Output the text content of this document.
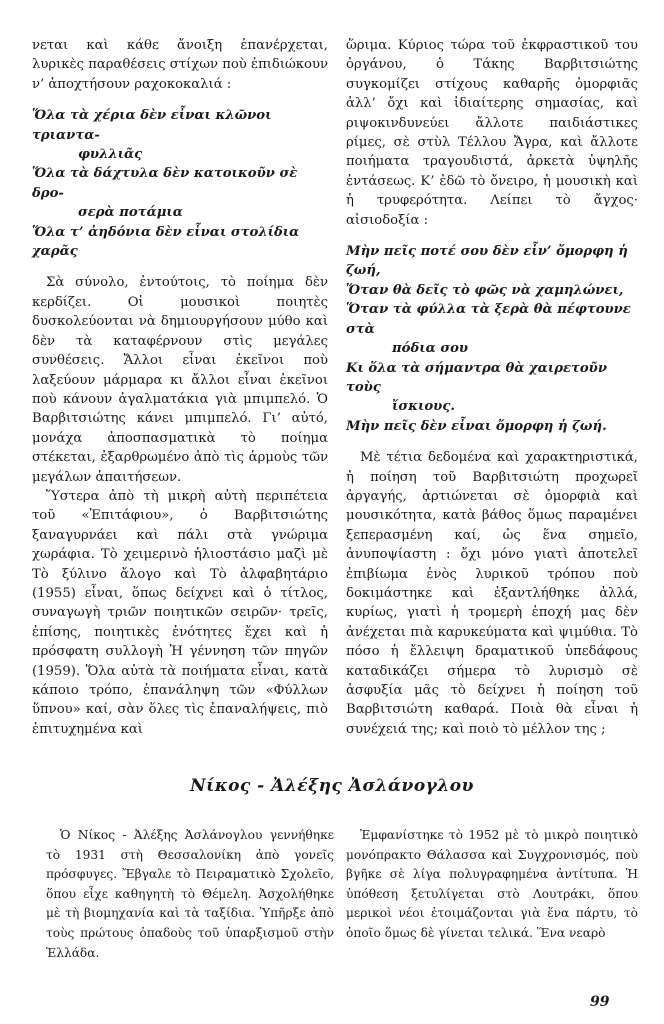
νεται καὶ κάθε ἄνοιξη ἐπανέρχεται, λυρικὲς παραθέσεις στίχων ποὺ ἐπιδιώκουν ν’ ἀποχτήσουν ραχοκοκαλιά :

Ὅλα τὰ χέρια δὲν εἶναι κλῶνοι τριαντα-
φυλλιᾶς

Ὅλα τὰ δάχτυλα δὲν κατοικοῦν σὲ δρο-
σερὰ ποτάμια

Ὅλα τ’ ἀηδόνια δὲν εἶναι στολίδια χαρᾶς

Σὰ σύνολο, ἐντούτοις, τὸ ποίημα δὲν κερδίζει. Οἱ μουσικοὶ ποιητὲς δυσκολεύονται νὰ δημιουργήσουν μύθο καὶ δὲν τὰ καταφέρνουν στὶς μεγάλες συνθέσεις. Ἄλλοι εἶναι ἐκεῖνοι ποὺ λαξεύουν μάρμαρα κι ἄλλοι εἶναι ἐκεῖνοι ποὺ κάνουν ἀγαλματάκια γιὰ μπιμπελό. Ὁ Βαρβιτσιώτης κάνει μπιμπελό. Γι’ αὐτό, μονάχα ἀποσπασματικὰ τὸ ποίημα στέκεται, ἐξαρθρωμένο ἀπὸ τὶς ἁρμοὺς τῶν μεγάλων ἀπαιτήσεων.

Ὕστερα ἀπὸ τὴ μικρὴ αὐτὴ περιπέτεια τοῦ «Ἐπιτάφιου», ὁ Βαρβιτσιώτης ξαναγυρνάει καὶ πάλι στὰ γνώριμα χωράφια. Τὸ χειμερινὸ ἡλιοστάσιο μαζὶ μὲ Τὸ ξύλινο ἄλογο καὶ Τὸ ἀλφαβητάριο (1955) εἶναι, ὅπως δείχνει καὶ ὁ τίτλος, συναγωγὴ τριῶν ποιητικῶν σειρῶν· τρεῖς, ἐπίσης, ποιητικὲς ἑνότητες ἔχει καὶ ἡ πρόσφατη συλλογὴ Ἡ γέννηση τῶν πηγῶν (1959). Ὅλα αὐτὰ τὰ ποιήματα εἶναι, κατὰ κάποιο τρόπο, ἐπανάληψη τῶν «Φύλλων ὕπνου» καί, σὰν ὅλες τὶς ἐπαναλήψεις, πιὸ ἐπιτυχημένα καὶ

ὥριμα. Κύριος τώρα τοῦ ἐκφραστικοῦ του ὀργάνου, ὁ Τάκης Βαρβιτσιώτης συγκομίζει στίχους καθαρῆς ὀμορφιᾶς ἀλλ’ ὄχι καὶ ἰδιαίτερης σημασίας, καὶ ριψοκινδυνεύει ἄλλοτε παιδιάστικες ρίμες, σὲ στὺλ Τέλλου Ἄγρα, καὶ ἄλλοτε ποιήματα τραγουδιστά, ἀρκετὰ ὑψηλῆς ἐντάσεως. Κ’ ἐδῶ τὸ ὄνειρο, ἡ μουσικὴ καὶ ἡ τρυφερότητα. Λείπει τὸ ἄγχος· αἰσιοδοξία :

Μὴν πεῖς ποτέ σου δὲν εἶν’ ὄμορφη ἡ ζωή,

Ὅταν θὰ δεῖς τὸ φῶς νὰ χαμηλώνει,

Ὅταν τὰ φύλλα τὰ ξερὰ θὰ πέφτουνε στὰ
πόδια σου

Κι ὅλα τὰ σήμαντρα θὰ χαιρετοῦν τοὺς
ἴσκιους.

Μὴν πεῖς δὲν εἶναι ὄμορφη ἡ ζωή.

Μὲ τέτια δεδομένα καὶ χαρακτηριστικά, ἡ ποίηση τοῦ Βαρβιτσιώτη προχωρεῖ ἀργαγής, ἀρτιώνεται σὲ ὀμορφιὰ καὶ μουσικότητα, κατὰ βάθος ὅμως παραμένει ξεπερασμένη καί, ὡς ἕνα σημεῖο, ἀνυποψίαστη : ὄχι μόνο γιατὶ ἀποτελεῖ ἐπιβίωμα ἑνὸς λυρικοῦ τρόπου ποὺ δοκιμάστηκε καὶ ἐξαντλήθηκε ἀλλά, κυρίως, γιατὶ ἡ τρομερὴ ἐποχή μας δὲν ἀνέχεται πιὰ καρυκεύματα καὶ ψιμύθια. Τὸ πόσο ἡ ἔλλειψη δραματικοῦ ὑπεδάφους καταδικάζει σήμερα τὸ λυρισμὸ σὲ ἀσφυξία μᾶς τὸ δείχνει ἡ ποίηση τοῦ Βαρβιτσιώτη καθαρά. Ποιὰ θὰ εἶναι ἡ συνέχειά της; καὶ ποιὸ τὸ μέλλον της ;

Νίκος - Ἀλέξης Ἀσλάνογλου

Ὁ Νίκος - Ἀλέξης Ἀσλάνογλου γεννήθηκε τὸ 1931 στὴ Θεσσαλονίκη ἀπὸ γονεῖς πρόσφυγες. Ἔβγαλε τὸ Πειραματικὸ Σχολεῖο, ὅπου εἶχε καθηγητὴ τὸ Θέμελη. Ἀσχολήθηκε μὲ τὴ βιομηχανία καὶ τὰ ταξίδια. Ὑπῆρξε ἀπὸ τοὺς πρώτους ὀπαδοὺς τοῦ ὑπαρξισμοῦ στὴν Ἑλλάδα.

Ἐμφανίστηκε τὸ 1952 μὲ τὸ μικρὸ ποιητικὸ μονόπρακτο Θάλασσα καὶ Συγχρονισμός, ποὺ βγῆκε σὲ λίγα πολυγραφημένα ἀντίτυπα. Ἡ ὑπόθεση ξετυλίγεται στὸ Λουτράκι, ὅπου μερικοὶ νέοι ἑτοιμάζονται γιὰ ἕνα πάρτυ, τὸ ὁποῖο ὅμως δὲ γίνεται τελικά. Ἕνα νεαρὸ

99
